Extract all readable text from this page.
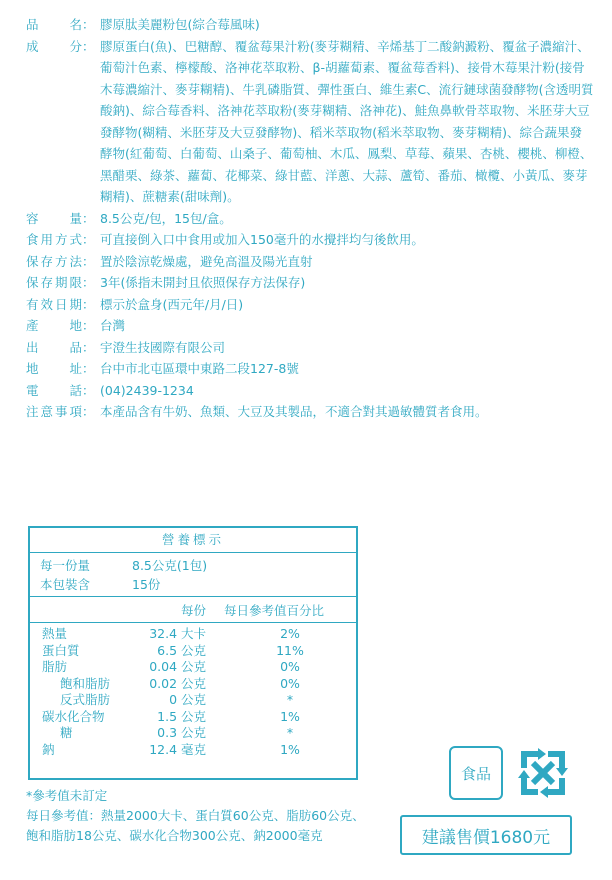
品 名 ： 膠原肽美麗粉包(綜合莓風味)
成 分 ： 膠原蛋白(魚)、巴糖醇、覆盆莓果汁粉(麥芽糊精、辛烯基丁二酸鈉澱粉、覆盆子濃縮汁、葡萄汁色素、檸檬酸、洛神花萃取粉、β-胡蘿蔔素、覆盆莓香料)、接骨木莓果汁粉(接骨木莓濃縮汁、麥芽糊精)、牛乳磷脂質、彈性蛋白、維生素C、流行鏈球菌發酵物(含透明質酸鈉)、綜合莓香料、洛神花萃取粉(麥芽糊精、洛神花)、鮭魚鼻軟骨萃取物、米胚芽大豆發酵物(糊精、米胚芽及大豆發酵物)、稻米萃取物(稻米萃取物、麥芽糊精)、綜合蔬果發酵物(紅葡萄、白葡萄、山桑子、葡萄柚、木瓜、鳳梨、草莓、蘋果、杏桃、櫻桃、柳橙、黑醋栗、綠茶、蘿蔔、花椰菜、綠甘藍、洋蔥、大蒜、蘆筍、番茄、橄欖、小黃瓜、麥芽糊精)、蔗糖素(甜味劑)。
容 量 ： 8.5公克/包，15包/盒。
食 用 方 式 ： 可直接倒入口中食用或加入150毫升的水攪拌均勻後飲用。
保 存 方 法 ： 置於陰涼乾燥處，避免高溫及陽光直射
保 存 期 限 ： 3年(係指未開封且依照保存方法保存)
有 效 日 期 ： 標示於盒身(西元年/月/日)
產 地 ： 台灣
出 品 ： 宇澄生技國際有限公司
地 址 ： 台中市北屯區環中東路二段127-8號
電 話 ： (04)2439-1234
注 意 事 項 ： 本產品含有牛奶、魚類、大豆及其製品，不適合對其過敏體質者食用。
營養標示
每一份量	8.5公克(1包)
本包裝含	15份
每份 每日參考值百分比
熱量	32.4 大卡	2%
蛋白質	6.5 公克	11%
脂肪	0.04 公克	0%
飽和脂肪	0.02 公克	0%
反式脂肪	0 公克	*
碳水化合物	1.5 公克	1%
糖	0.3 公克	*
鈉	12.4 毫克	1%
*參考值未訂定
每日參考值：熱量2000大卡、蛋白質60公克、脂肪60公克、飽和脂肪18公克、碳水化合物300公克、鈉2000毫克
食品
建議售價1680元
